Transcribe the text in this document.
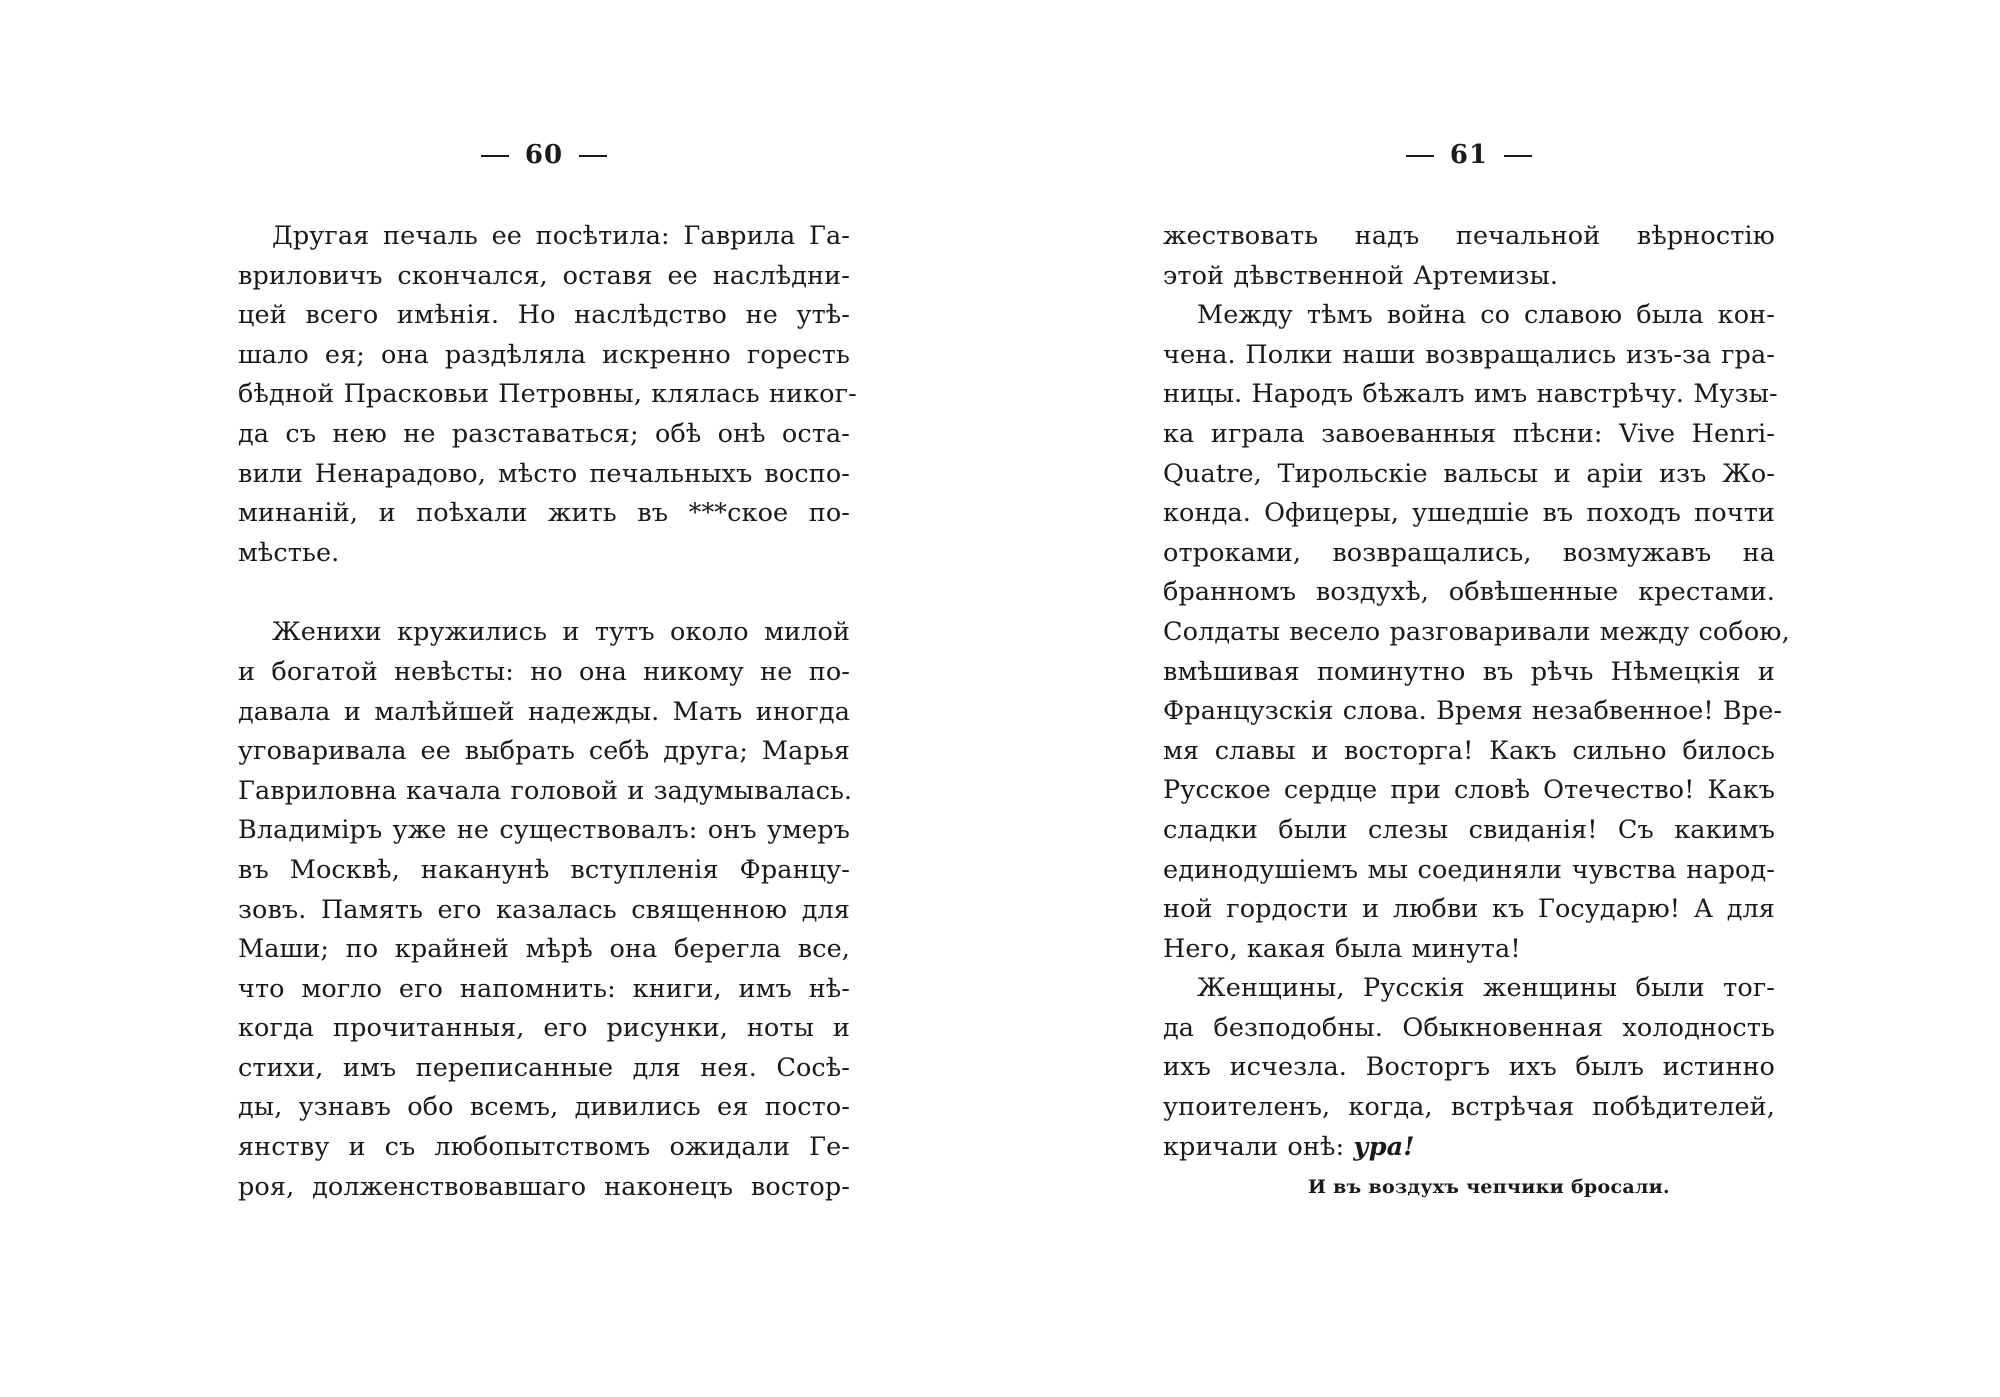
60
Другая печаль ее посѣтила: Гаврила Га-
вриловичъ скончался, оставя ее наслѣдни-
цей всего имѣнія. Но наслѣдство не утѣ-
шало ея; она раздѣляла искренно горесть
бѣдной Прасковьи Петровны, клялась никог-
да съ нею не разставаться; обѣ онѣ оста-
вили Ненарадово, мѣсто печальныхъ воспо-
минаній, и поѣхали жить въ ***ское по-
мѣстье.
Женихи кружились и тутъ около милой
и богатой невѣсты: но она никому не по-
давала и малѣйшей надежды. Мать иногда
уговаривала ее выбрать себѣ друга; Марья
Гавриловна качала головой и задумывалась.
Владимiръ уже не существовалъ: онъ умеръ
въ Москвѣ, наканунѣ вступленія Францу-
зовъ. Память его казалась священною для
Маши; по крайней мѣрѣ она берегла все,
что могло его напомнить: книги, имъ нѣ-
когда прочитанныя, его рисунки, ноты и
стихи, имъ переписанные для нея. Сосѣ-
ды, узнавъ обо всемъ, дивились ея посто-
янству и съ любопытствомъ ожидали Ге-
роя, долженствовавшаго наконецъ востор-
61
жествовать надъ печальной вѣрностію
этой дѣвственной Артемизы.
Между тѣмъ война со славою была кон-
чена. Полки наши возвращались изъ-за гра-
ницы. Народъ бѣжалъ имъ навстрѣчу. Музы-
ка играла завоеванныя пѣсни: Vive Henri-
Quatre, Тирольскіе вальсы и аріи изъ Жо-
конда. Офицеры, ушедшіе въ походъ почти
отроками, возвращались, возмужавъ на
бранномъ воздухѣ, обвѣшенные крестами.
Солдаты весело разговаривали между собою,
вмѣшивая поминутно въ рѣчь Нѣмецкія и
Французскія слова. Время незабвенное! Вре-
мя славы и восторга! Какъ сильно билось
Русское сердце при словѣ Отечество! Какъ
сладки были слезы свиданія! Съ какимъ
единодушіемъ мы соединяли чувства народ-
ной гордости и любви къ Государю! А для
Него, какая была минута!
Женщины, Русскія женщины были тог-
да безподобны. Обыкновенная холодность
ихъ исчезла. Восторгъ ихъ былъ истинно
упоителенъ, когда, встрѣчая побѣдителей,
кричали онѣ: ура!
И въ воздухъ чепчики бросали.
